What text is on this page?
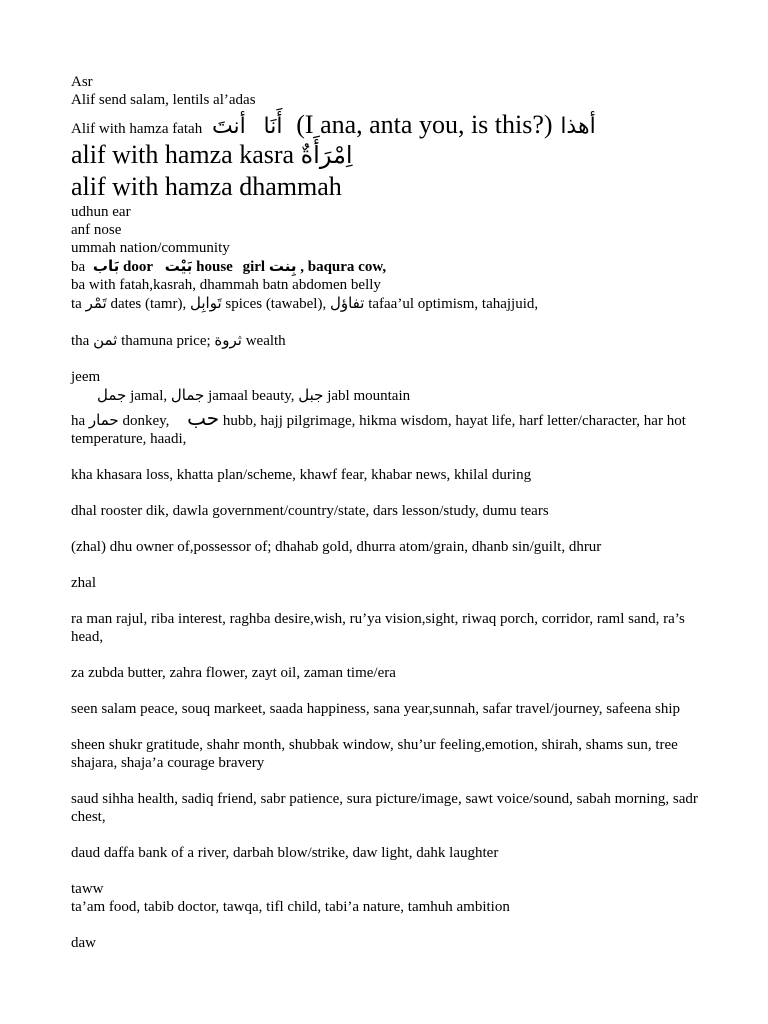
Asr
Alif send salam, lentils al’adas
Alif with hamza fatah أنتَ أَنَا (I ana, anta you, is this?) أهذا
alif with hamza kasra اِمْرَأَةٌ
alif with hamza dhammah
udhun ear
anf nose
ummah nation/community
ba بَاب door بَيْت house girl بِنت , baqura cow,
ba with fatah,kasrah, dhammah batn abdomen belly
ta تَمْر dates (tamr), تَوابِل spices (tawabel), تفاؤل tafaa’ul optimism, tahajjuid,
tha ثمن thamuna price; ثروة wealth
jeem
جمل jamal, جمال jamaal beauty, جبل jabl mountain
ha حمار donkey, حب hubb, hajj pilgrimage, hikma wisdom, hayat life, harf letter/character, har hot temperature, haadi,
kha khasara loss, khatta plan/scheme, khawf fear, khabar news, khilal during
dhal rooster dik, dawla government/country/state, dars lesson/study, dumu tears
(zhal) dhu owner of,possessor of; dhahab gold, dhurra atom/grain, dhanb sin/guilt, dhrur
zhal
ra man rajul, riba interest, raghba desire,wish, ru’ya vision,sight, riwaq porch, corridor, raml sand, ra’s head,
za zubda butter, zahra flower, zayt oil, zaman time/era
seen salam peace, souq markeet, saada happiness, sana year,sunnah, safar travel/journey, safeena ship
sheen shukr gratitude, shahr month, shubbak window, shu’ur feeling,emotion, shirah, shams sun, tree shajara, shaja’a courage bravery
saud sihha health, sadiq friend, sabr patience, sura picture/image, sawt voice/sound, sabah morning, sadr chest,
daud daffa bank of a river, darbah blow/strike, daw light, dahk laughter
taww
ta’am food, tabib doctor, tawqa, tifl child, tabi’a nature, tamhuh ambition
daw
